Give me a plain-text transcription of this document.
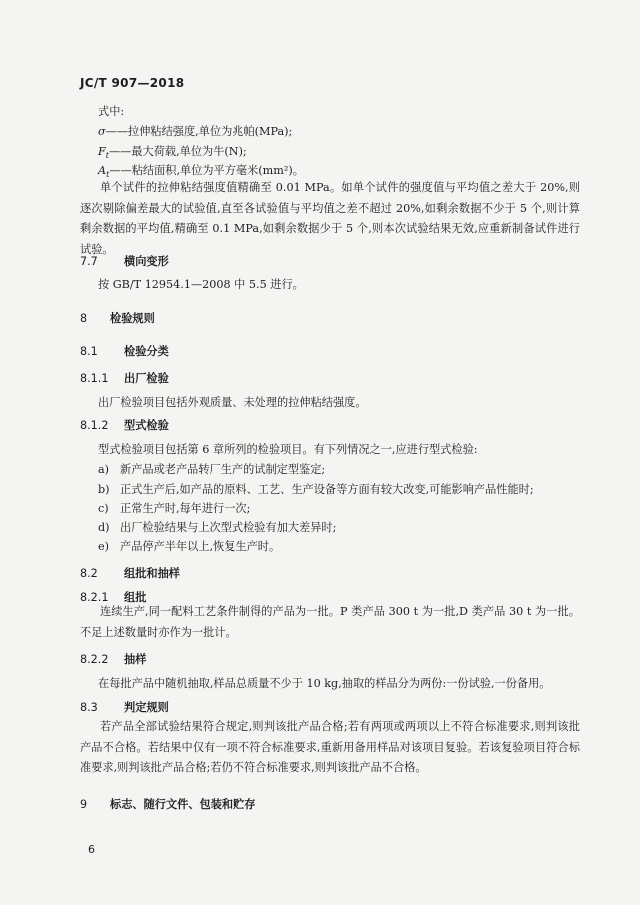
JC/T 907—2018
式中:
σ——拉伸粘结强度,单位为兆帕(MPa);
$F_t——$最大荷载,单位为牛(N);
$A_t——$粘结面积,单位为平方毫米(mm²)。
单个试件的拉伸粘结强度值精确至 0.01 MPa。如单个试件的强度值与平均值之差大于 20%,则逐次剔除偏差最大的试验值,直至各试验值与平均值之差不超过 20%,如剩余数据不少于 5 个,则计算剩余数据的平均值,精确至 0.1 MPa,如剩余数据少于 5 个,则本次试验结果无效,应重新制备试件进行试验。
7.7 横向变形
按 GB/T 12954.1—2008 中 5.5 进行。
8 检验规则
8.1 检验分类
8.1.1 出厂检验
出厂检验项目包括外观质量、未处理的拉伸粘结强度。
8.1.2 型式检验
型式检验项目包括第 6 章所列的检验项目。有下列情况之一,应进行型式检验:
a) 新产品或老产品转厂生产的试制定型鉴定;
b) 正式生产后,如产品的原料、工艺、生产设备等方面有较大改变,可能影响产品性能时;
c) 正常生产时,每年进行一次;
d) 出厂检验结果与上次型式检验有加大差异时;
e) 产品停产半年以上,恢复生产时。
8.2 组批和抽样
8.2.1 组批
连续生产,同一配料工艺条件制得的产品为一批。P 类产品 300 t 为一批,D 类产品 30 t 为一批。不足上述数量时亦作为一批计。
8.2.2 抽样
在每批产品中随机抽取,样品总质量不少于 10 kg,抽取的样品分为两份:一份试验,一份备用。
8.3 判定规则
若产品全部试验结果符合规定,则判该批产品合格;若有两项或两项以上不符合标准要求,则判该批产品不合格。若结果中仅有一项不符合标准要求,重新用备用样品对该项目复验。若该复验项目符合标准要求,则判该批产品合格;若仍不符合标准要求,则判该批产品不合格。
9 标志、随行文件、包装和贮存
6
